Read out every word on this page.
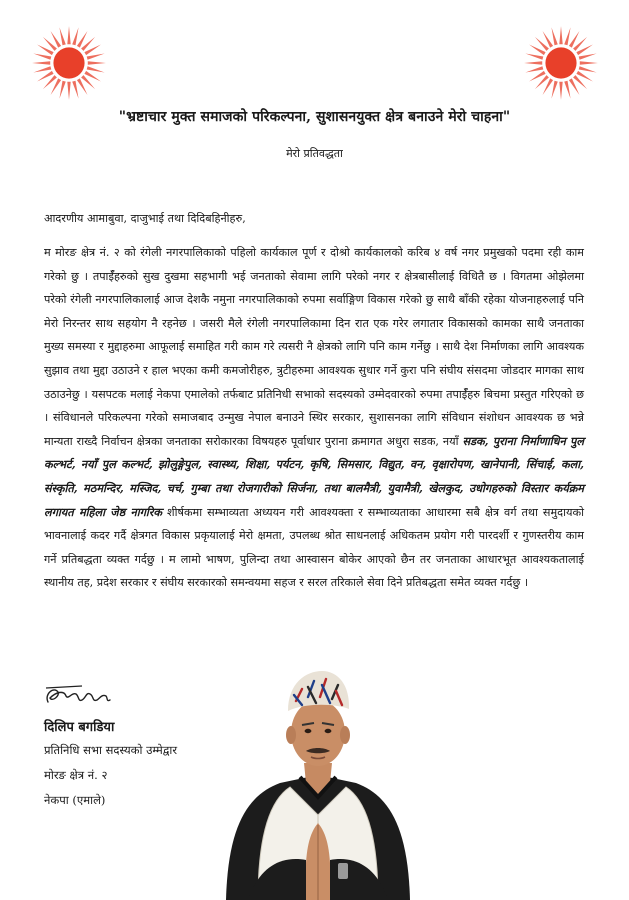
"भ्रष्टाचार मुक्त समाजको परिकल्पना, सुशासनयुक्त क्षेत्र बनाउने मेरो चाहना"
मेरो प्रतिवद्धता
आदरणीय आमाबुवा, दाजुभाई तथा दिदिबहिनीहरु,
म मोरङ क्षेत्र नं. २ को रंगेली नगरपालिकाको पहिलो कार्यकाल पूर्ण र दोश्रो कार्यकालको करिब ४ वर्ष नगर प्रमुखको पदमा रही काम गरेको छु । तपाईँहरुको सुख दुखमा सहभागी भई जनताको सेवामा लागि परेको नगर र क्षेत्रबासीलाई विधितै छ । विगतमा ओझेलमा परेको रंगेली नगरपालिकालाई आज देशकै नमुना नगरपालिकाको रुपमा सर्वाङ्गिण विकास गरेको छु साथै बाँकी रहेका योजनाहरुलाई पनि मेरो निरन्तर साथ सहयोग नै रहनेछ । जसरी मैले रंगेली नगरपालिकामा दिन रात एक गरेर लगातार विकासको कामका साथै जनताका मुख्य समस्या र मुद्दाहरुमा आफूलाई समाहित गरी काम गरे त्यसरी नै क्षेत्रको लागि पनि काम गर्नेछु । साथै देश निर्माणका लागि आवश्यक सुझाव तथा मुद्दा उठाउने र हाल भएका कमी कमजोरीहरु, त्रुटीहरुमा आवश्यक सुधार गर्ने कुरा पनि संघीय संसदमा जोडदार मागका साथ उठाउनेछु । यसपटक मलाई नेकपा एमालेको तर्फबाट प्रतिनिधी सभाको सदस्यको उम्मेदवारको रुपमा तपाईँहरु बिचमा प्रस्तुत गरिएको छ । संविधानले परिकल्पना गरेको समाजबाद उन्मुख नेपाल बनाउने स्थिर सरकार, सुशासनका लागि संविधान संशोधन आवश्यक छ भन्ने मान्यता राख्दै निर्वाचन क्षेत्रका जनताका सरोकारका विषयहरु पूर्वाधार पुराना क्रमागत अधुरा सडक, नयाँ सडक, पुराना निर्माणाधिन पुल कल्भर्ट, नयाँ पुल कल्भर्ट, झोलुङ्गेपुल, स्वास्थ्य, शिक्षा, पर्यटन, कृषि, सिमसार, विद्युत, वन, वृक्षारोपण, खानेपानी, सिंचाई, कला, संस्कृति, मठमन्दिर, मस्जिद, चर्च, गुम्बा तथा रोजगारीको सिर्जना, तथा बालमैत्री, युवामैत्री, खेलकुद, उधोगहरुको विस्तार कर्यक्रम लगायत महिला जेष्ठ नागरिक शीर्षकमा सम्भाव्यता अध्ययन गरी आवश्यक्ता र सम्भाव्यताका आधारमा सबै क्षेत्र वर्ग तथा समुदायको भावनालाई कदर गर्दै क्षेत्रगत विकास प्रकृयालाई मेरो क्षमता, उपलब्ध श्रोत साधनलाई अधिकतम प्रयोग गरी पारदर्शी र गुणस्तरीय काम गर्ने प्रतिबद्धता व्यक्त गर्दछु । म लामो भाषण, पुलिन्दा तथा आस्वासन बोकेर आएको छैन तर जनताका आधारभूत आवश्यकतालाई स्थानीय तह, प्रदेश सरकार र संघीय सरकारको समन्वयमा सहज र सरल तरिकाले सेवा दिने प्रतिबद्धता समेत व्यक्त गर्दछु ।
दिलिप बगडिया
प्रतिनिधि सभा सदस्यको उम्मेद्वार
मोरङ क्षेत्र नं. २
नेकपा (एमाले)
